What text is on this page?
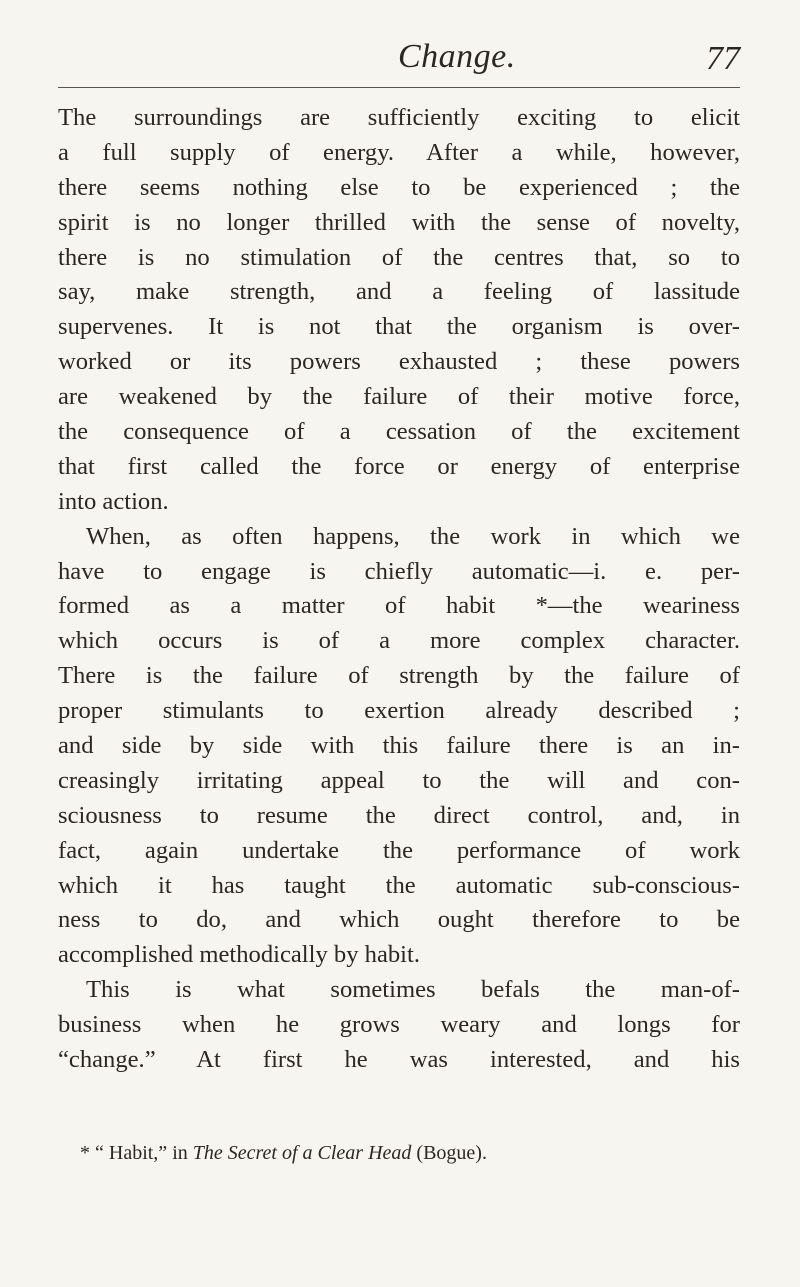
Change.	77
The surroundings are sufficiently exciting to elicit
a full supply of energy. After a while, however,
there seems nothing else to be experienced ; the
spirit is no longer thrilled with the sense of novelty,
there is no stimulation of the centres that, so to
say, make strength, and a feeling of lassitude
supervenes. It is not that the organism is over-
worked or its powers exhausted ; these powers
are weakened by the failure of their motive force,
the consequence of a cessation of the excitement
that first called the force or energy of enterprise
into action.
When, as often happens, the work in which we
have to engage is chiefly automatic—i. e. per-
formed as a matter of habit *—the weariness
which occurs is of a more complex character.
There is the failure of strength by the failure of
proper stimulants to exertion already described ;
and side by side with this failure there is an in-
creasingly irritating appeal to the will and con-
sciousness to resume the direct control, and, in
fact, again undertake the performance of work
which it has taught the automatic sub-conscious-
ness to do, and which ought therefore to be
accomplished methodically by habit.
This is what sometimes befals the man-of-
business when he grows weary and longs for
“change.” At first he was interested, and his
* “ Habit,” in The Secret of a Clear Head (Bogue).
